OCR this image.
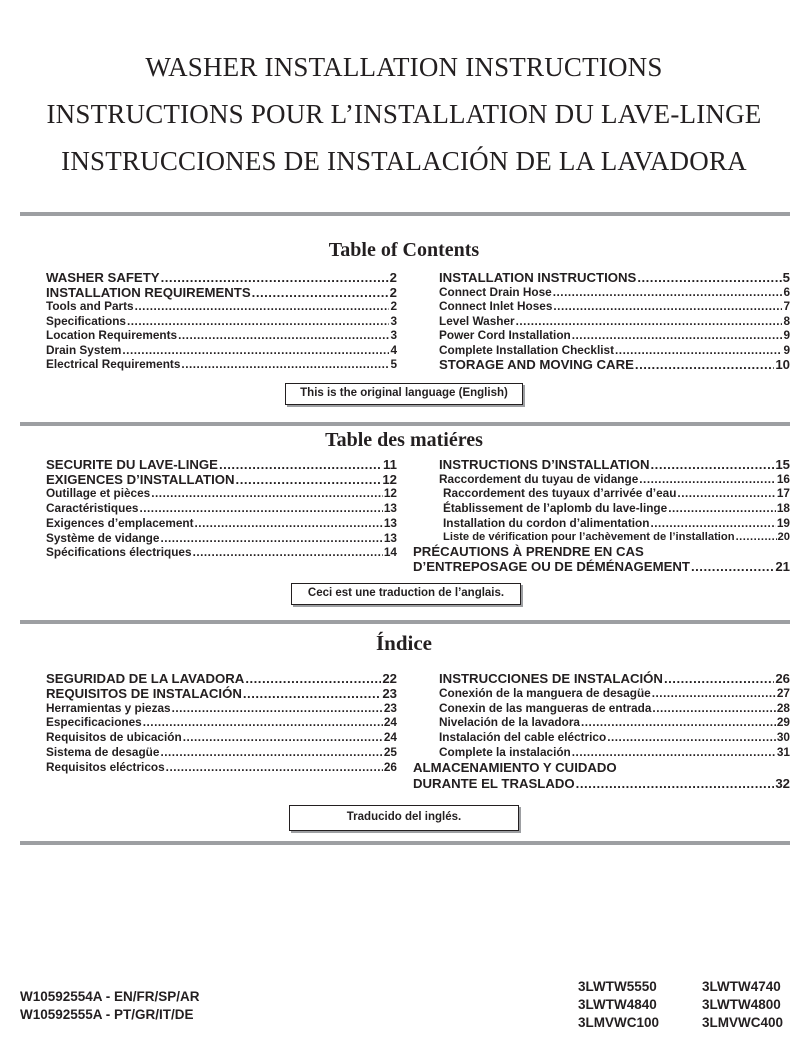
WASHER INSTALLATION INSTRUCTIONS
INSTRUCTIONS POUR L’INSTALLATION DU LAVE-LINGE
INSTRUCCIONES DE INSTALACIÓN DE LA LAVADORA
Table of Contents
WASHER SAFETY .....	2
INSTALLATION REQUIREMENTS .....	2
Tools and Parts .....	2
Specifications .....	3
Location Requirements .....	3
Drain System .....	4
Electrical Requirements .....	5
INSTALLATION INSTRUCTIONS .....	5
Connect Drain Hose .....	6
Connect Inlet Hoses .....	7
Level Washer .....	8
Power Cord Installation .....	9
Complete Installation Checklist .....	9
STORAGE AND MOVING CARE .....	10
This is the original language (English)
Table des matiéres
SECURITE DU LAVE-LINGE .....	11
EXIGENCES D’INSTALLATION .....	12
Outillage et pièces .....	12
Caractéristiques .....	13
Exigences d’emplacement .....	13
Système de vidange .....	13
Spécifications électriques .....	14
INSTRUCTIONS D’INSTALLATION .....	15
Raccordement du tuyau de vidange .....	16
Raccordement des tuyaux d’arrivée d’eau .....	17
Établissement de l’aplomb du lave-linge .....	18
Installation du cordon d’alimentation .....	19
Liste de vérification pour l’achèvement de l’installation .....	20
PRÉCAUTIONS À PRENDRE EN CAS
D’ENTREPOSAGE OU DE DÉMÉNAGEMENT .....	21
Ceci est une traduction de l’anglais.
Índice
SEGURIDAD DE LA LAVADORA .....	22
REQUISITOS DE INSTALACIÓN .....	23
Herramientas y piezas .....	23
Especificaciones .....	24
Requisitos de ubicación .....	24
Sistema de desagüe .....	25
Requisitos eléctricos .....	26
INSTRUCCIONES DE INSTALACIÓN .....	26
Conexión de la manguera de desagüe .....	27
Conexin de las mangueras de entrada .....	28
Nivelación de la lavadora .....	29
Instalación del cable eléctrico .....	30
Complete la instalación .....	31
ALMACENAMIENTO Y CUIDADO
DURANTE EL TRASLADO .....	32
Traducido del inglés.
W10592554A - EN/FR/SP/AR
W10592555A - PT/GR/IT/DE
3LWTW5550	3LWTW4740
3LWTW4840	3LWTW4800
3LMVWC100	3LMVWC400
